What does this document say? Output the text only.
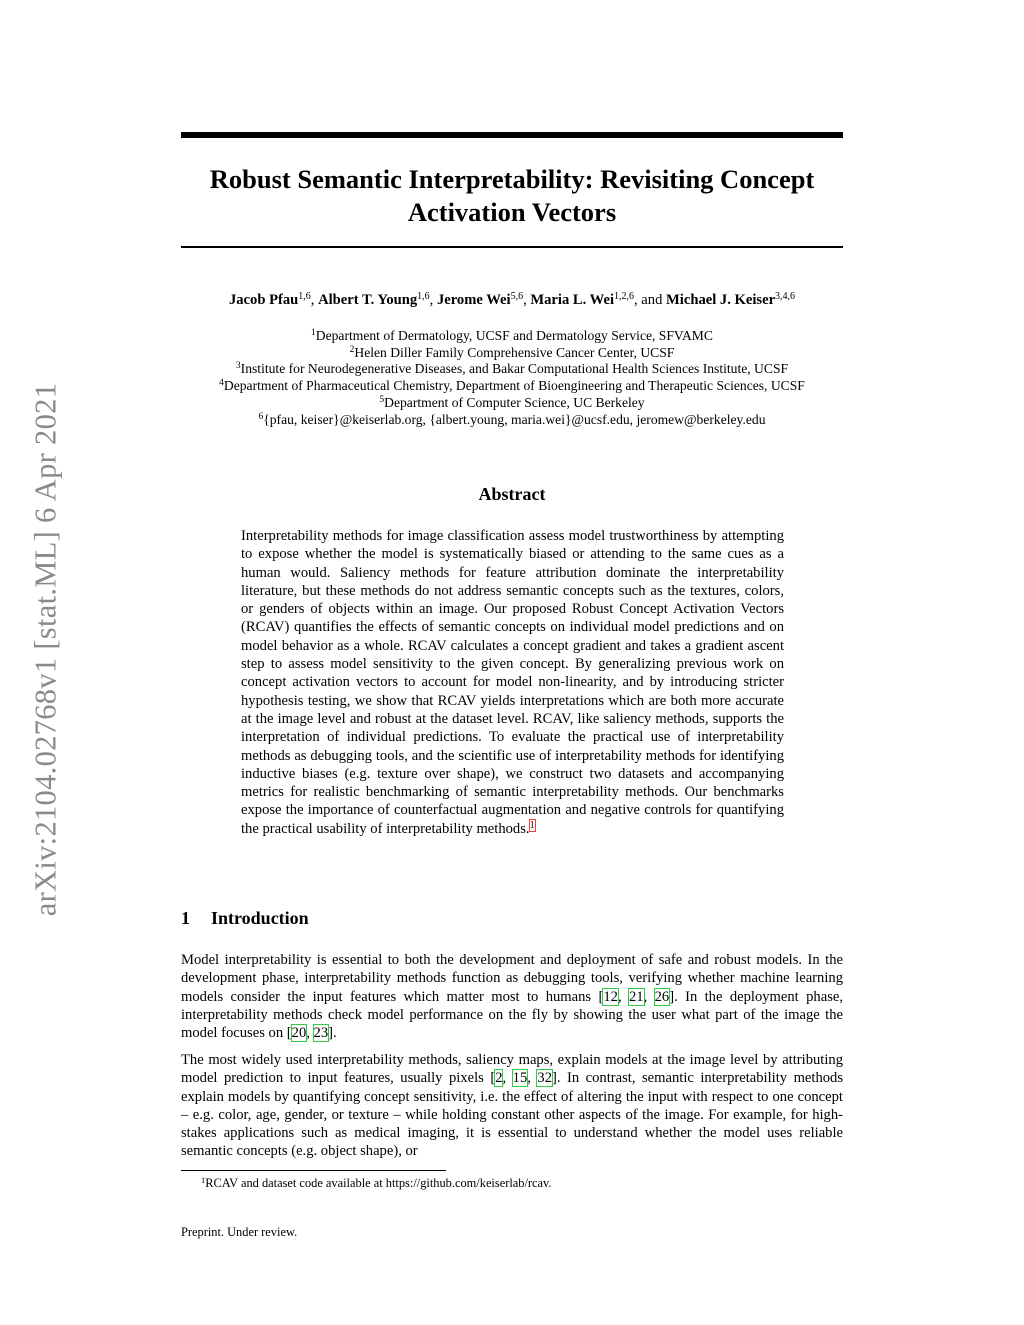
arXiv:2104.02768v1 [stat.ML] 6 Apr 2021
Robust Semantic Interpretability: Revisiting Concept Activation Vectors
Jacob Pfau$^{1,6}$, Albert T. Young$^{1,6}$, Jerome Wei$^{5,6}$, Maria L. Wei$^{1,2,6}$, and Michael J. Keiser$^{3,4,6}$
$^1$Department of Dermatology, UCSF and Dermatology Service, SFVAMC
$^2$Helen Diller Family Comprehensive Cancer Center, UCSF
$^3$Institute for Neurodegenerative Diseases, and Bakar Computational Health Sciences Institute, UCSF
$^4$Department of Pharmaceutical Chemistry, Department of Bioengineering and Therapeutic Sciences, UCSF
$^5$Department of Computer Science, UC Berkeley
$^6${pfau, keiser}@keiserlab.org, {albert.young, maria.wei}@ucsf.edu, jeromew@berkeley.edu
Abstract

Interpretability methods for image classification assess model trustworthiness by attempting to expose whether the model is systematically biased or attending to the same cues as a human would. Saliency methods for feature attribution dominate the interpretability literature, but these methods do not address semantic concepts such as the textures, colors, or genders of objects within an image. Our proposed Robust Concept Activation Vectors (RCAV) quantifies the effects of semantic concepts on individual model predictions and on model behavior as a whole. RCAV calculates a concept gradient and takes a gradient ascent step to assess model sensitivity to the given concept. By generalizing previous work on concept activation vectors to account for model non-linearity, and by introducing stricter hypothesis testing, we show that RCAV yields interpretations which are both more accurate at the image level and robust at the dataset level. RCAV, like saliency methods, supports the interpretation of individual predictions. To evaluate the practical use of interpretability methods as debugging tools, and the scientific use of interpretability methods for identifying inductive biases (e.g. texture over shape), we construct two datasets and accompanying metrics for realistic benchmarking of semantic interpretability methods. Our benchmarks expose the importance of counterfactual augmentation and negative controls for quantifying the practical usability of interpretability methods.$^1$

1 Introduction

Model interpretability is essential to both the development and deployment of safe and robust models. In the development phase, interpretability methods function as debugging tools, verifying whether machine learning models consider the input features which matter most to humans [12, 21, 26]. In the deployment phase, interpretability methods check model performance on the fly by showing the user what part of the image the model focuses on [20, 23].

The most widely used interpretability methods, saliency maps, explain models at the image level by attributing model prediction to input features, usually pixels [2, 15, 32]. In contrast, semantic interpretability methods explain models by quantifying concept sensitivity, i.e. the effect of altering the input with respect to one concept – e.g. color, age, gender, or texture – while holding constant other aspects of the image. For example, for high-stakes applications such as medical imaging, it is essential to understand whether the model uses reliable semantic concepts (e.g. object shape), or

$^1$RCAV and dataset code available at https://github.com/keiserlab/rcav.

Preprint. Under review.
